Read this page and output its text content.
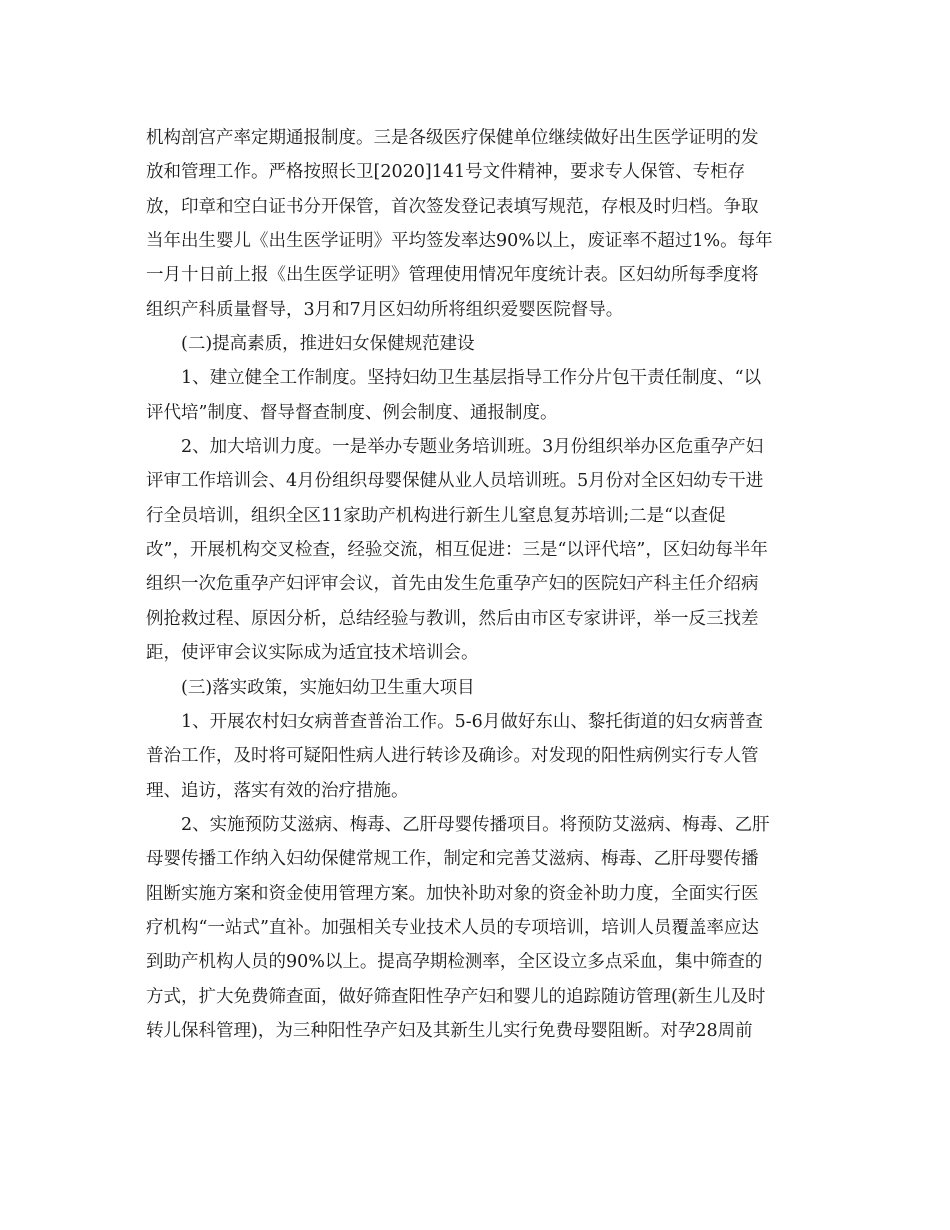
机构剖宫产率定期通报制度。三是各级医疗保健单位继续做好出生医学证明的发
放和管理工作。严格按照长卫[2020]141号文件精神，要求专人保管、专柜存
放，印章和空白证书分开保管，首次签发登记表填写规范，存根及时归档。争取
当年出生婴儿《出生医学证明》平均签发率达90%以上，废证率不超过1%。每年
一月十日前上报《出生医学证明》管理使用情况年度统计表。区妇幼所每季度将
组织产科质量督导，3月和7月区妇幼所将组织爱婴医院督导。
(二)提高素质，推进妇女保健规范建设
1、建立健全工作制度。坚持妇幼卫生基层指导工作分片包干责任制度、“以
评代培”制度、督导督查制度、例会制度、通报制度。
2、加大培训力度。一是举办专题业务培训班。3月份组织举办区危重孕产妇
评审工作培训会、4月份组织母婴保健从业人员培训班。5月份对全区妇幼专干进
行全员培训，组织全区11家助产机构进行新生儿窒息复苏培训;二是“以查促
改”，开展机构交叉检查，经验交流，相互促进：三是“以评代培”，区妇幼每半年
组织一次危重孕产妇评审会议，首先由发生危重孕产妇的医院妇产科主任介绍病
例抢救过程、原因分析，总结经验与教训，然后由市区专家讲评，举一反三找差
距，使评审会议实际成为适宜技术培训会。
(三)落实政策，实施妇幼卫生重大项目
1、开展农村妇女病普查普治工作。5-6月做好东山、黎托街道的妇女病普查
普治工作，及时将可疑阳性病人进行转诊及确诊。对发现的阳性病例实行专人管
理、追访，落实有效的治疗措施。
2、实施预防艾滋病、梅毒、乙肝母婴传播项目。将预防艾滋病、梅毒、乙肝
母婴传播工作纳入妇幼保健常规工作，制定和完善艾滋病、梅毒、乙肝母婴传播
阻断实施方案和资金使用管理方案。加快补助对象的资金补助力度，全面实行医
疗机构“一站式”直补。加强相关专业技术人员的专项培训，培训人员覆盖率应达
到助产机构人员的90%以上。提高孕期检测率，全区设立多点采血，集中筛查的
方式，扩大免费筛查面，做好筛查阳性孕产妇和婴儿的追踪随访管理(新生儿及时
转儿保科管理)，为三种阳性孕产妇及其新生儿实行免费母婴阻断。对孕28周前
